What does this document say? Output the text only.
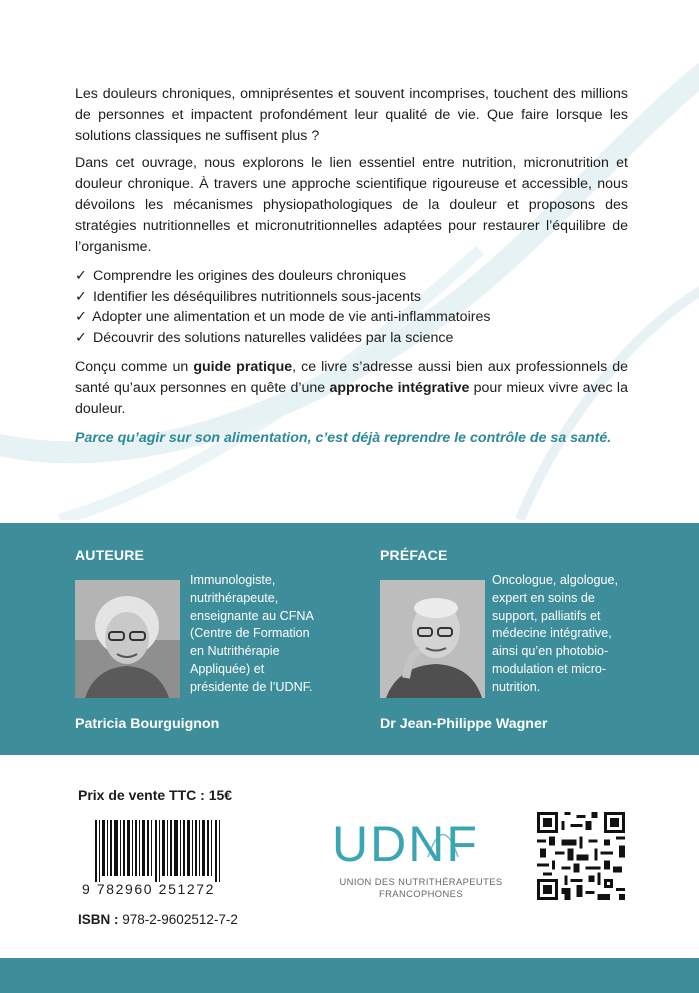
Les douleurs chroniques, omniprésentes et souvent incomprises, touchent des millions de personnes et impactent profondément leur qualité de vie. Que faire lorsque les solutions classiques ne suffisent plus ?

Dans cet ouvrage, nous explorons le lien essentiel entre nutrition, micronutrition et douleur chronique. À travers une approche scientifique rigoureuse et accessible, nous dévoilons les mécanismes physiopathologiques de la douleur et proposons des stratégies nutritionnelles et micronutritionnelles adaptées pour restaurer l’équilibre de l’organisme.

✓ Comprendre les origines des douleurs chroniques
✓ Identifier les déséquilibres nutritionnels sous-jacents
✓ Adopter une alimentation et un mode de vie anti-inflammatoires
✓ Découvrir des solutions naturelles validées par la science

Conçu comme un guide pratique, ce livre s’adresse aussi bien aux professionnels de santé qu’aux personnes en quête d’une approche intégrative pour mieux vivre avec la douleur.

Parce qu’agir sur son alimentation, c’est déjà reprendre le contrôle de sa santé.

AUTEURE
Immunologiste,
nutrithérapeute,
enseignante au CFNA
(Centre de Formation
en Nutrithérapie
Appliquée) et
présidente de l’UDNF.
Patricia Bourguignon
PRÉFACE
Oncologue, algologue,
expert en soins de
support, palliatifs et
médecine intégrative,
ainsi qu’en photobio-
modulation et micro-
nutrition.
Dr Jean-Philippe Wagner
Prix de vente TTC : 15€
9 782960 251272
ISBN : 978-2-9602512-7-2
UDNF
UNION DES NUTRITHÉRAPEUTES
FRANCOPHONES
